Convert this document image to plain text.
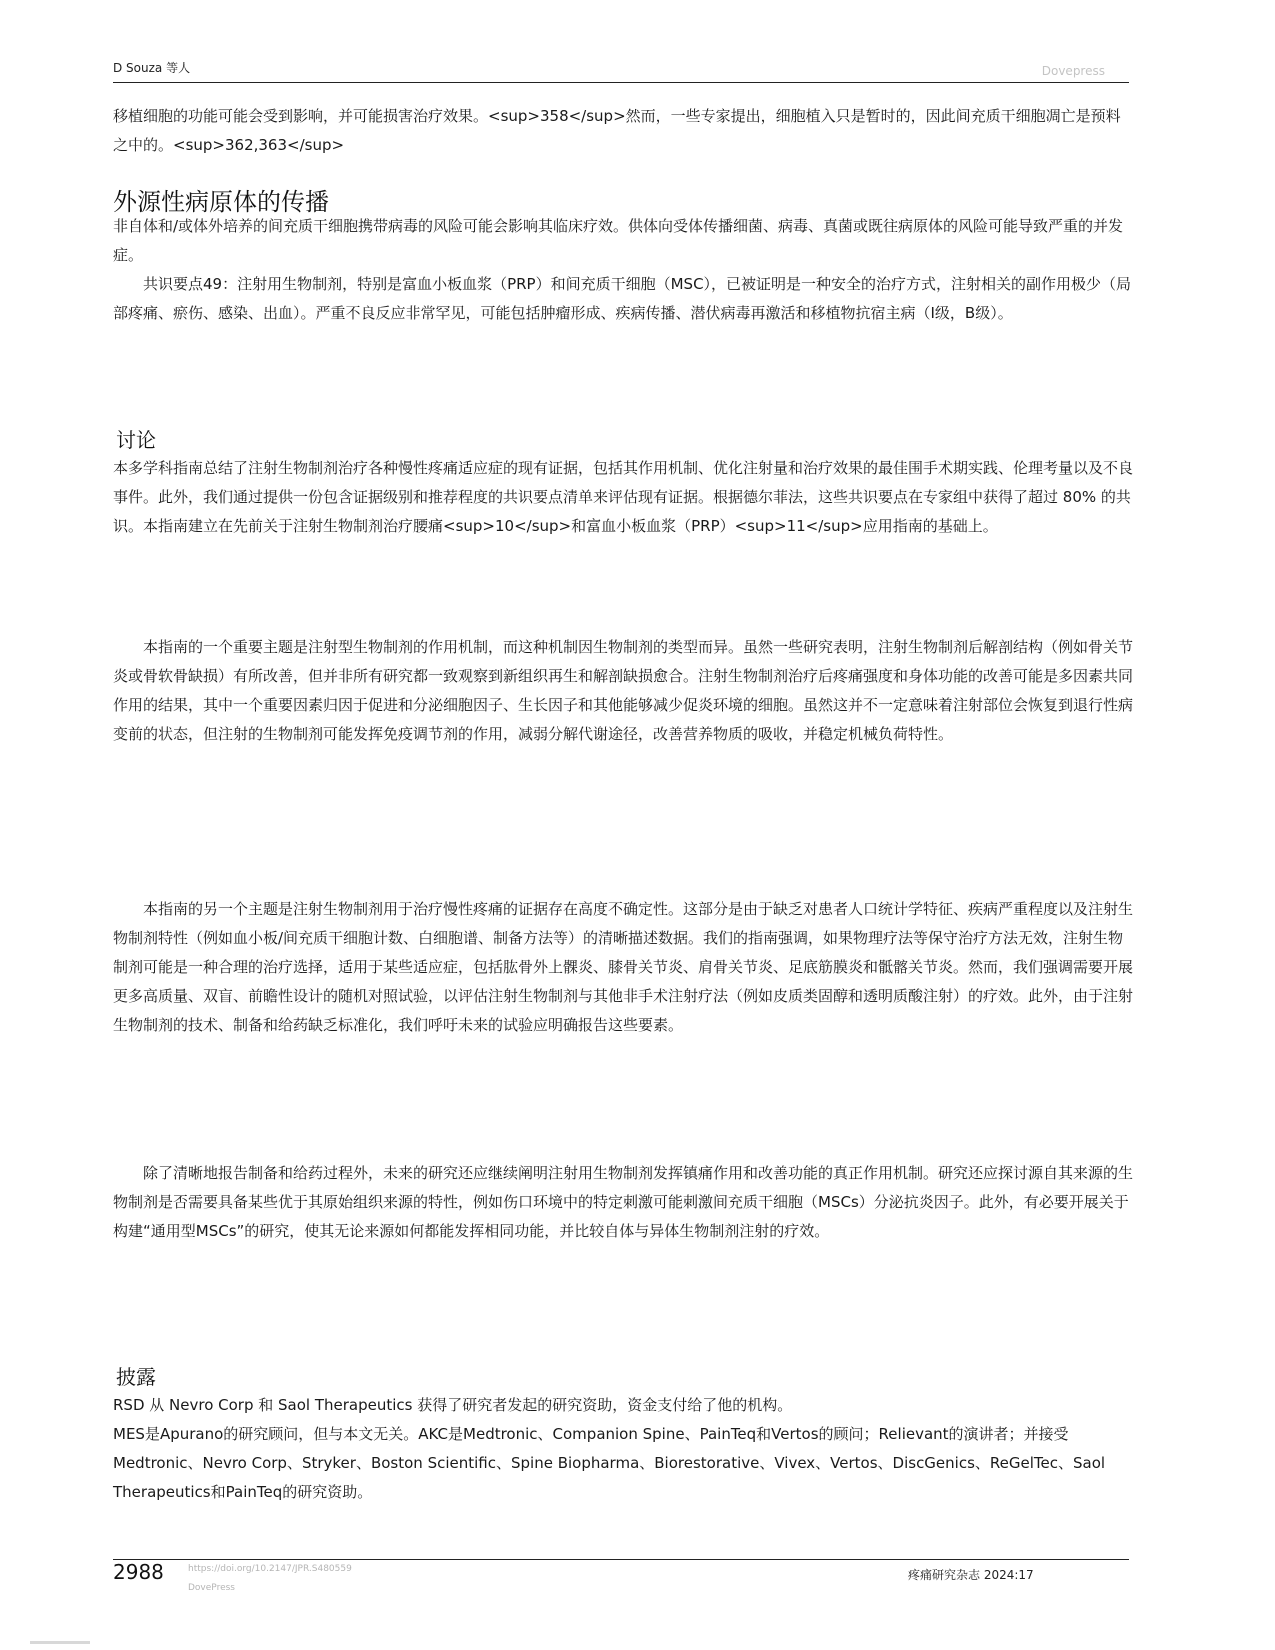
D Souza 等人	Dovepress

移植细胞的功能可能会受到影响，并可能损害治疗效果。<sup>358</sup>然而，一些专家提出，细胞植入只是暂时的，因此间充质干细胞凋亡是预料之中的。<sup>362,363</sup>

外源性病原体的传播

非自体和/或体外培养的间充质干细胞携带病毒的风险可能会影响其临床疗效。供体向受体传播细菌、病毒、真菌或既往病原体的风险可能导致严重的并发症。

共识要点49：注射用生物制剂，特别是富血小板血浆（PRP）和间充质干细胞（MSC），已被证明是一种安全的治疗方式，注射相关的副作用极少（局部疼痛、瘀伤、感染、出血）。严重不良反应非常罕见，可能包括肿瘤形成、疾病传播、潜伏病毒再激活和移植物抗宿主病（I级，B级）。

讨论

本多学科指南总结了注射生物制剂治疗各种慢性疼痛适应症的现有证据，包括其作用机制、优化注射量和治疗效果的最佳围手术期实践、伦理考量以及不良事件。此外，我们通过提供一份包含证据级别和推荐程度的共识要点清单来评估现有证据。根据德尔菲法，这些共识要点在专家组中获得了超过 80% 的共识。本指南建立在先前关于注射生物制剂治疗腰痛<sup>10</sup>和富血小板血浆（PRP）<sup>11</sup>应用指南的基础上。

本指南的一个重要主题是注射型生物制剂的作用机制，而这种机制因生物制剂的类型而异。虽然一些研究表明，注射生物制剂后解剖结构（例如骨关节炎或骨软骨缺损）有所改善，但并非所有研究都一致观察到新组织再生和解剖缺损愈合。注射生物制剂治疗后疼痛强度和身体功能的改善可能是多因素共同作用的结果，其中一个重要因素归因于促进和分泌细胞因子、生长因子和其他能够减少促炎环境的细胞。虽然这并不一定意味着注射部位会恢复到退行性病变前的状态，但注射的生物制剂可能发挥免疫调节剂的作用，减弱分解代谢途径，改善营养物质的吸收，并稳定机械负荷特性。

本指南的另一个主题是注射生物制剂用于治疗慢性疼痛的证据存在高度不确定性。这部分是由于缺乏对患者人口统计学特征、疾病严重程度以及注射生物制剂特性（例如血小板/间充质干细胞计数、白细胞谱、制备方法等）的清晰描述数据。我们的指南强调，如果物理疗法等保守治疗方法无效，注射生物制剂可能是一种合理的治疗选择，适用于某些适应症，包括肱骨外上髁炎、膝骨关节炎、肩骨关节炎、足底筋膜炎和骶髂关节炎。然而，我们强调需要开展更多高质量、双盲、前瞻性设计的随机对照试验，以评估注射生物制剂与其他非手术注射疗法（例如皮质类固醇和透明质酸注射）的疗效。此外，由于注射生物制剂的技术、制备和给药缺乏标准化，我们呼吁未来的试验应明确报告这些要素。

除了清晰地报告制备和给药过程外，未来的研究还应继续阐明注射用生物制剂发挥镇痛作用和改善功能的真正作用机制。研究还应探讨源自其来源的生物制剂是否需要具备某些优于其原始组织来源的特性，例如伤口环境中的特定刺激可能刺激间充质干细胞（MSCs）分泌抗炎因子。此外，有必要开展关于构建“通用型MSCs”的研究，使其无论来源如何都能发挥相同功能，并比较自体与异体生物制剂注射的疗效。

披露

RSD 从 Nevro Corp 和 Saol Therapeutics 获得了研究者发起的研究资助，资金支付给了他的机构。

MES是Apurano的研究顾问，但与本文无关。AKC是Medtronic、Companion Spine、PainTeq和Vertos的顾问；Relievant的演讲者；并接受Medtronic、Nevro Corp、Stryker、Boston Scientific、Spine Biopharma、Biorestorative、Vivex、Vertos、DiscGenics、ReGelTec、Saol Therapeutics和PainTeq的研究资助。

2988	https://doi.org/10.2147/JPR.S480559
DovePress
疼痛研究杂志 2024:17
